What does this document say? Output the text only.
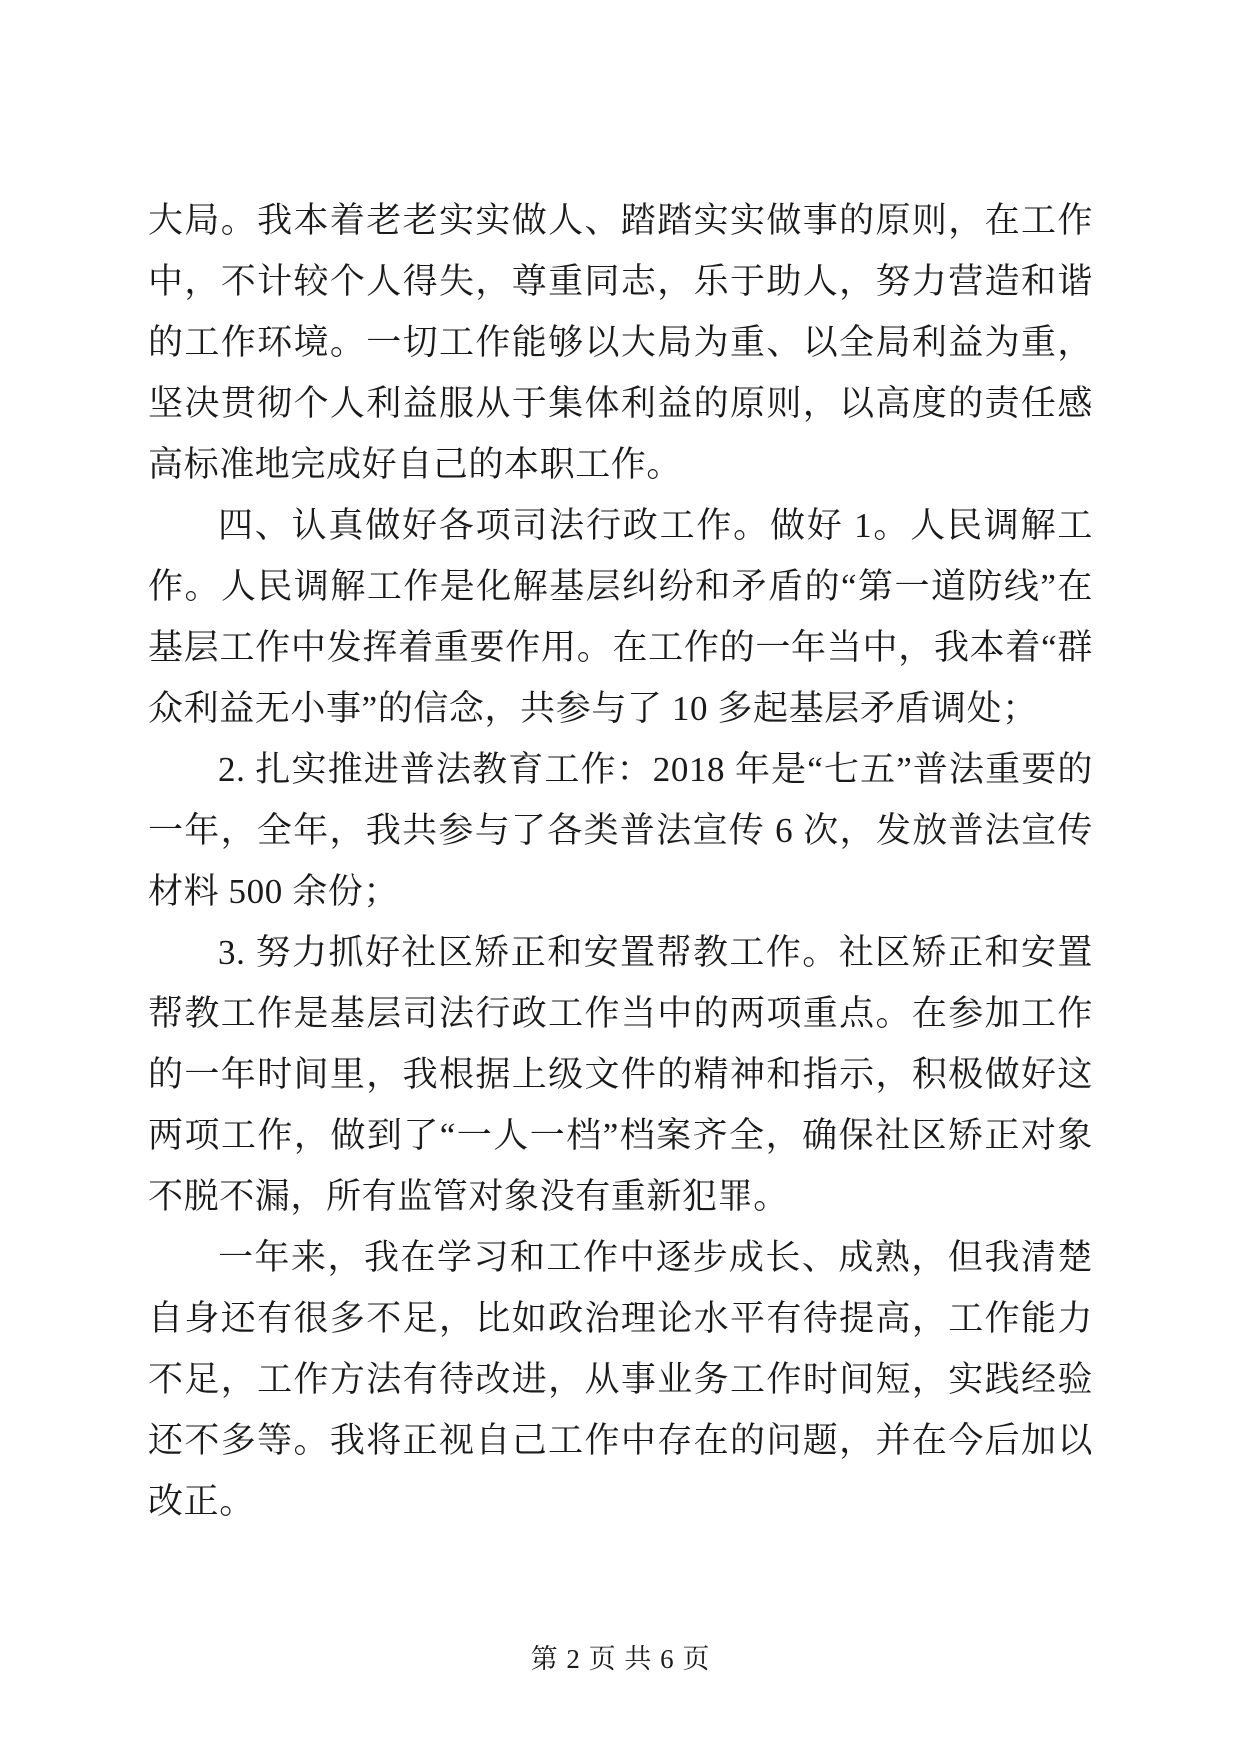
大局。我本着老老实实做人、踏踏实实做事的原则，在工作中，不计较个人得失，尊重同志，乐于助人，努力营造和谐的工作环境。一切工作能够以大局为重、以全局利益为重，坚决贯彻个人利益服从于集体利益的原则，以高度的责任感高标准地完成好自己的本职工作。

四、认真做好各项司法行政工作。做好 1。人民调解工作。人民调解工作是化解基层纠纷和矛盾的“第一道防线”在基层工作中发挥着重要作用。在工作的一年当中，我本着“群众利益无小事”的信念，共参与了 10 多起基层矛盾调处；

2. 扎实推进普法教育工作：2018 年是“七五”普法重要的一年，全年，我共参与了各类普法宣传 6 次，发放普法宣传材料 500 余份；

3. 努力抓好社区矫正和安置帮教工作。社区矫正和安置帮教工作是基层司法行政工作当中的两项重点。在参加工作的一年时间里，我根据上级文件的精神和指示，积极做好这两项工作，做到了“一人一档”档案齐全，确保社区矫正对象不脱不漏，所有监管对象没有重新犯罪。

一年来，我在学习和工作中逐步成长、成熟，但我清楚自身还有很多不足，比如政治理论水平有待提高，工作能力不足，工作方法有待改进，从事业务工作时间短，实践经验还不多等。我将正视自己工作中存在的问题，并在今后加以改正。

第 2 页 共 6 页
